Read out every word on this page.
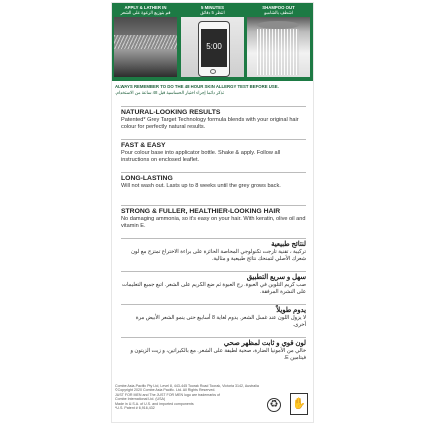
APPLY & LATHER IN
قم بتوزيع الرغوة على الشعر
5 MINUTES
انتظر 5 دقائق
SHAMPOO OUT
اشطف بالشامبو
5:00
ALWAYS REMEMBER TO DO THE 48 HOUR SKIN ALLERGY TEST BEFORE USE.
تذكر دائما إجراء اختبار الحساسية قبل 48 ساعة من الاستخدام.
NATURAL-LOOKING RESULTS
Patented* Grey Target Technology formula blends with your original hair colour for perfectly natural results.
FAST & EASY
Pour colour base into applicator bottle. Shake & apply. Follow all instructions on enclosed leaflet.
LONG-LASTING
Will not wash out. Lasts up to 8 weeks until the grey grows back.
STRONG & FULLER, HEALTHIER-LOOKING HAIR
No damaging ammonia, so it's easy on your hair. With keratin, olive oil and vitamin E.
لنتائج طبيعية
تركيبة ، تقنية تارجت تكنولوجي المحاصة الحائزة على براءة الاختراع تمتزج مع لون شعرك الأصلي لتمنحك نتائج طبيعية و مثالية.
سهل و سريع التطبيق
صب كريم التلوين في العبوة. رج العبوة ثم ضع الكريم على الشعر. اتبع جميع التعليمات على النشرة المرفقة.
يدوم طويلاً
لا يزول اللون عند غسل الشعر. يدوم لغاية 8 أسابيع حتى ينمو الشعر الأبيض مرة أخرى.
لون قوي و ثابت لمظهر صحي
خالي من الأمونيا الضارة، صحية لطيفة على الشعر. مع بالكيراتين، و زيت الزيتون و فيتامين E.
Combe Asia-Pacific Pty Ltd, Level 8, 443-445 Toorak Road Toorak, Victoria 3142, Australia
©Copyright 2020 Combe Asia Pacific. Ltd. All Rights Reserved.
JUST FOR MEN and The JUST FOR MEN logo are trademarks of
Combe International Ltd. (USA)
Made in U.S.A. of U.S. and imported components
*U.S. Patent # 6,916,432	♻ ✋
